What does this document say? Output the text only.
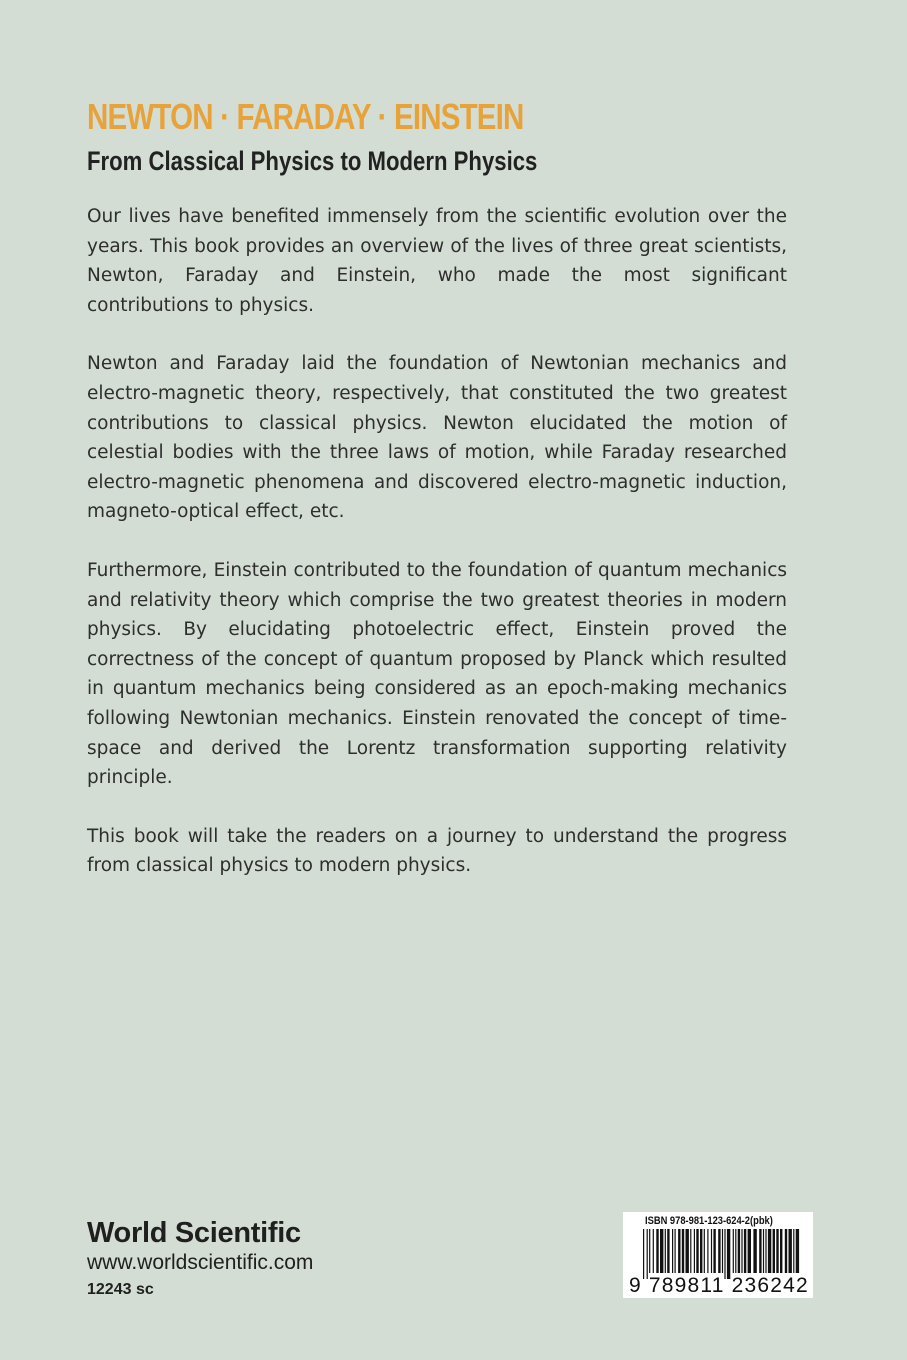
NEWTON · FARADAY · EINSTEIN
From Classical Physics to Modern Physics

Our lives have benefited immensely from the scientific evolution over the years. This book provides an overview of the lives of three great scientists, Newton, Faraday and Einstein, who made the most significant contributions to physics.

Newton and Faraday laid the foundation of Newtonian mechanics and electro-magnetic theory, respectively, that constituted the two greatest contributions to classical physics. Newton elucidated the motion of celestial bodies with the three laws of motion, while Faraday researched electro-magnetic phenomena and discovered electro-magnetic induction, magneto-optical effect, etc.

Furthermore, Einstein contributed to the foundation of quantum mechanics and relativity theory which comprise the two greatest theories in modern physics. By elucidating photoelectric effect, Einstein proved the correctness of the concept of quantum proposed by Planck which resulted in quantum mechanics being considered as an epoch-making mechanics following Newtonian mechanics. Einstein renovated the concept of time-space and derived the Lorentz transformation supporting relativity principle.

This book will take the readers on a journey to understand the progress from classical physics to modern physics.

World Scientific
www.worldscientific.com
12243 sc
ISBN 978-981-123-624-2(pbk)
9 789811 236242
